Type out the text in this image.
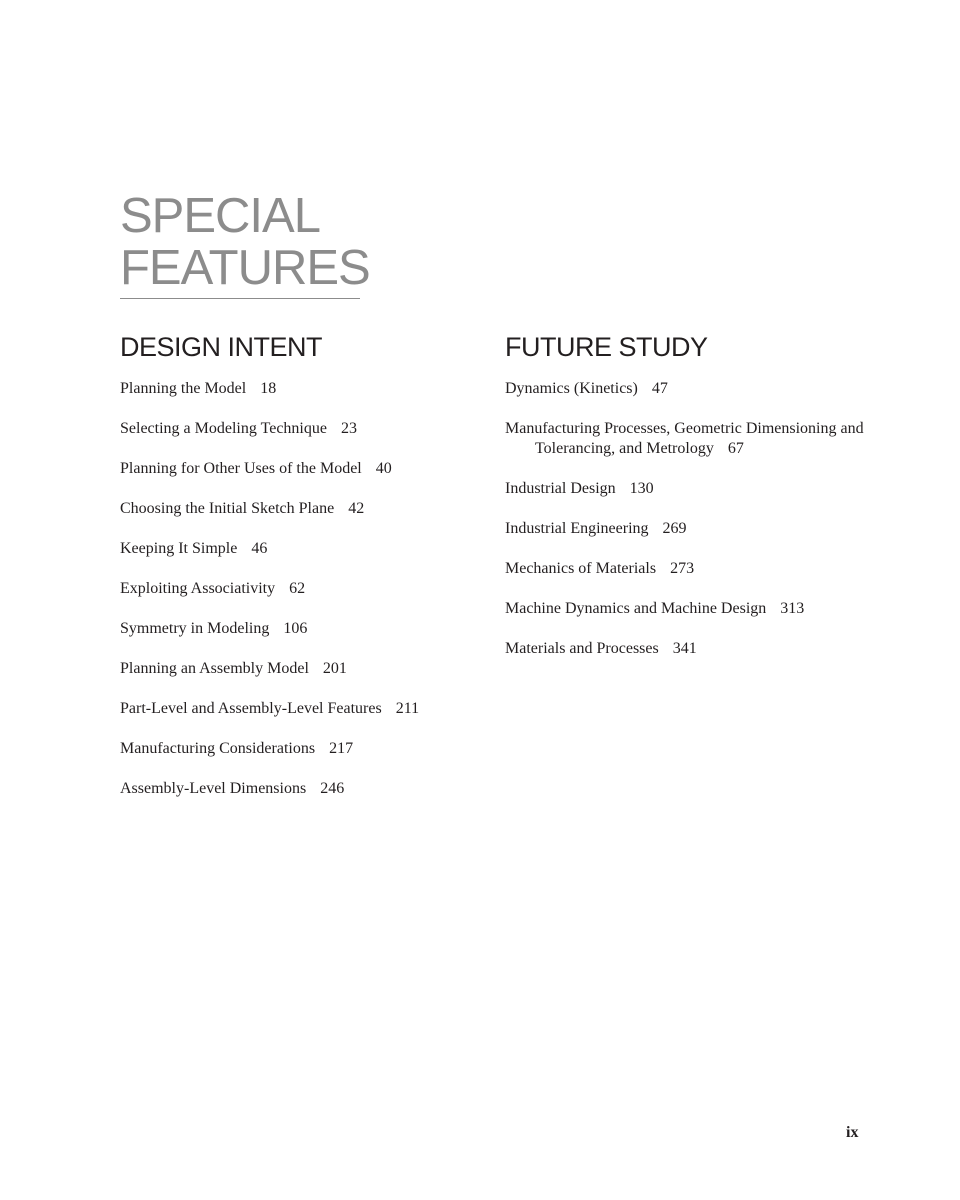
SPECIAL
FEATURES
DESIGN INTENT

Planning the Model 18

Selecting a Modeling Technique 23

Planning for Other Uses of the Model 40

Choosing the Initial Sketch Plane 42

Keeping It Simple 46

Exploiting Associativity 62

Symmetry in Modeling 106

Planning an Assembly Model 201

Part-Level and Assembly-Level Features 211

Manufacturing Considerations 217

Assembly-Level Dimensions 246

FUTURE STUDY

Dynamics (Kinetics) 47

Manufacturing Processes, Geometric Dimensioning and Tolerancing, and Metrology 67

Industrial Design 130

Industrial Engineering 269

Mechanics of Materials 273

Machine Dynamics and Machine Design 313

Materials and Processes 341

ix
